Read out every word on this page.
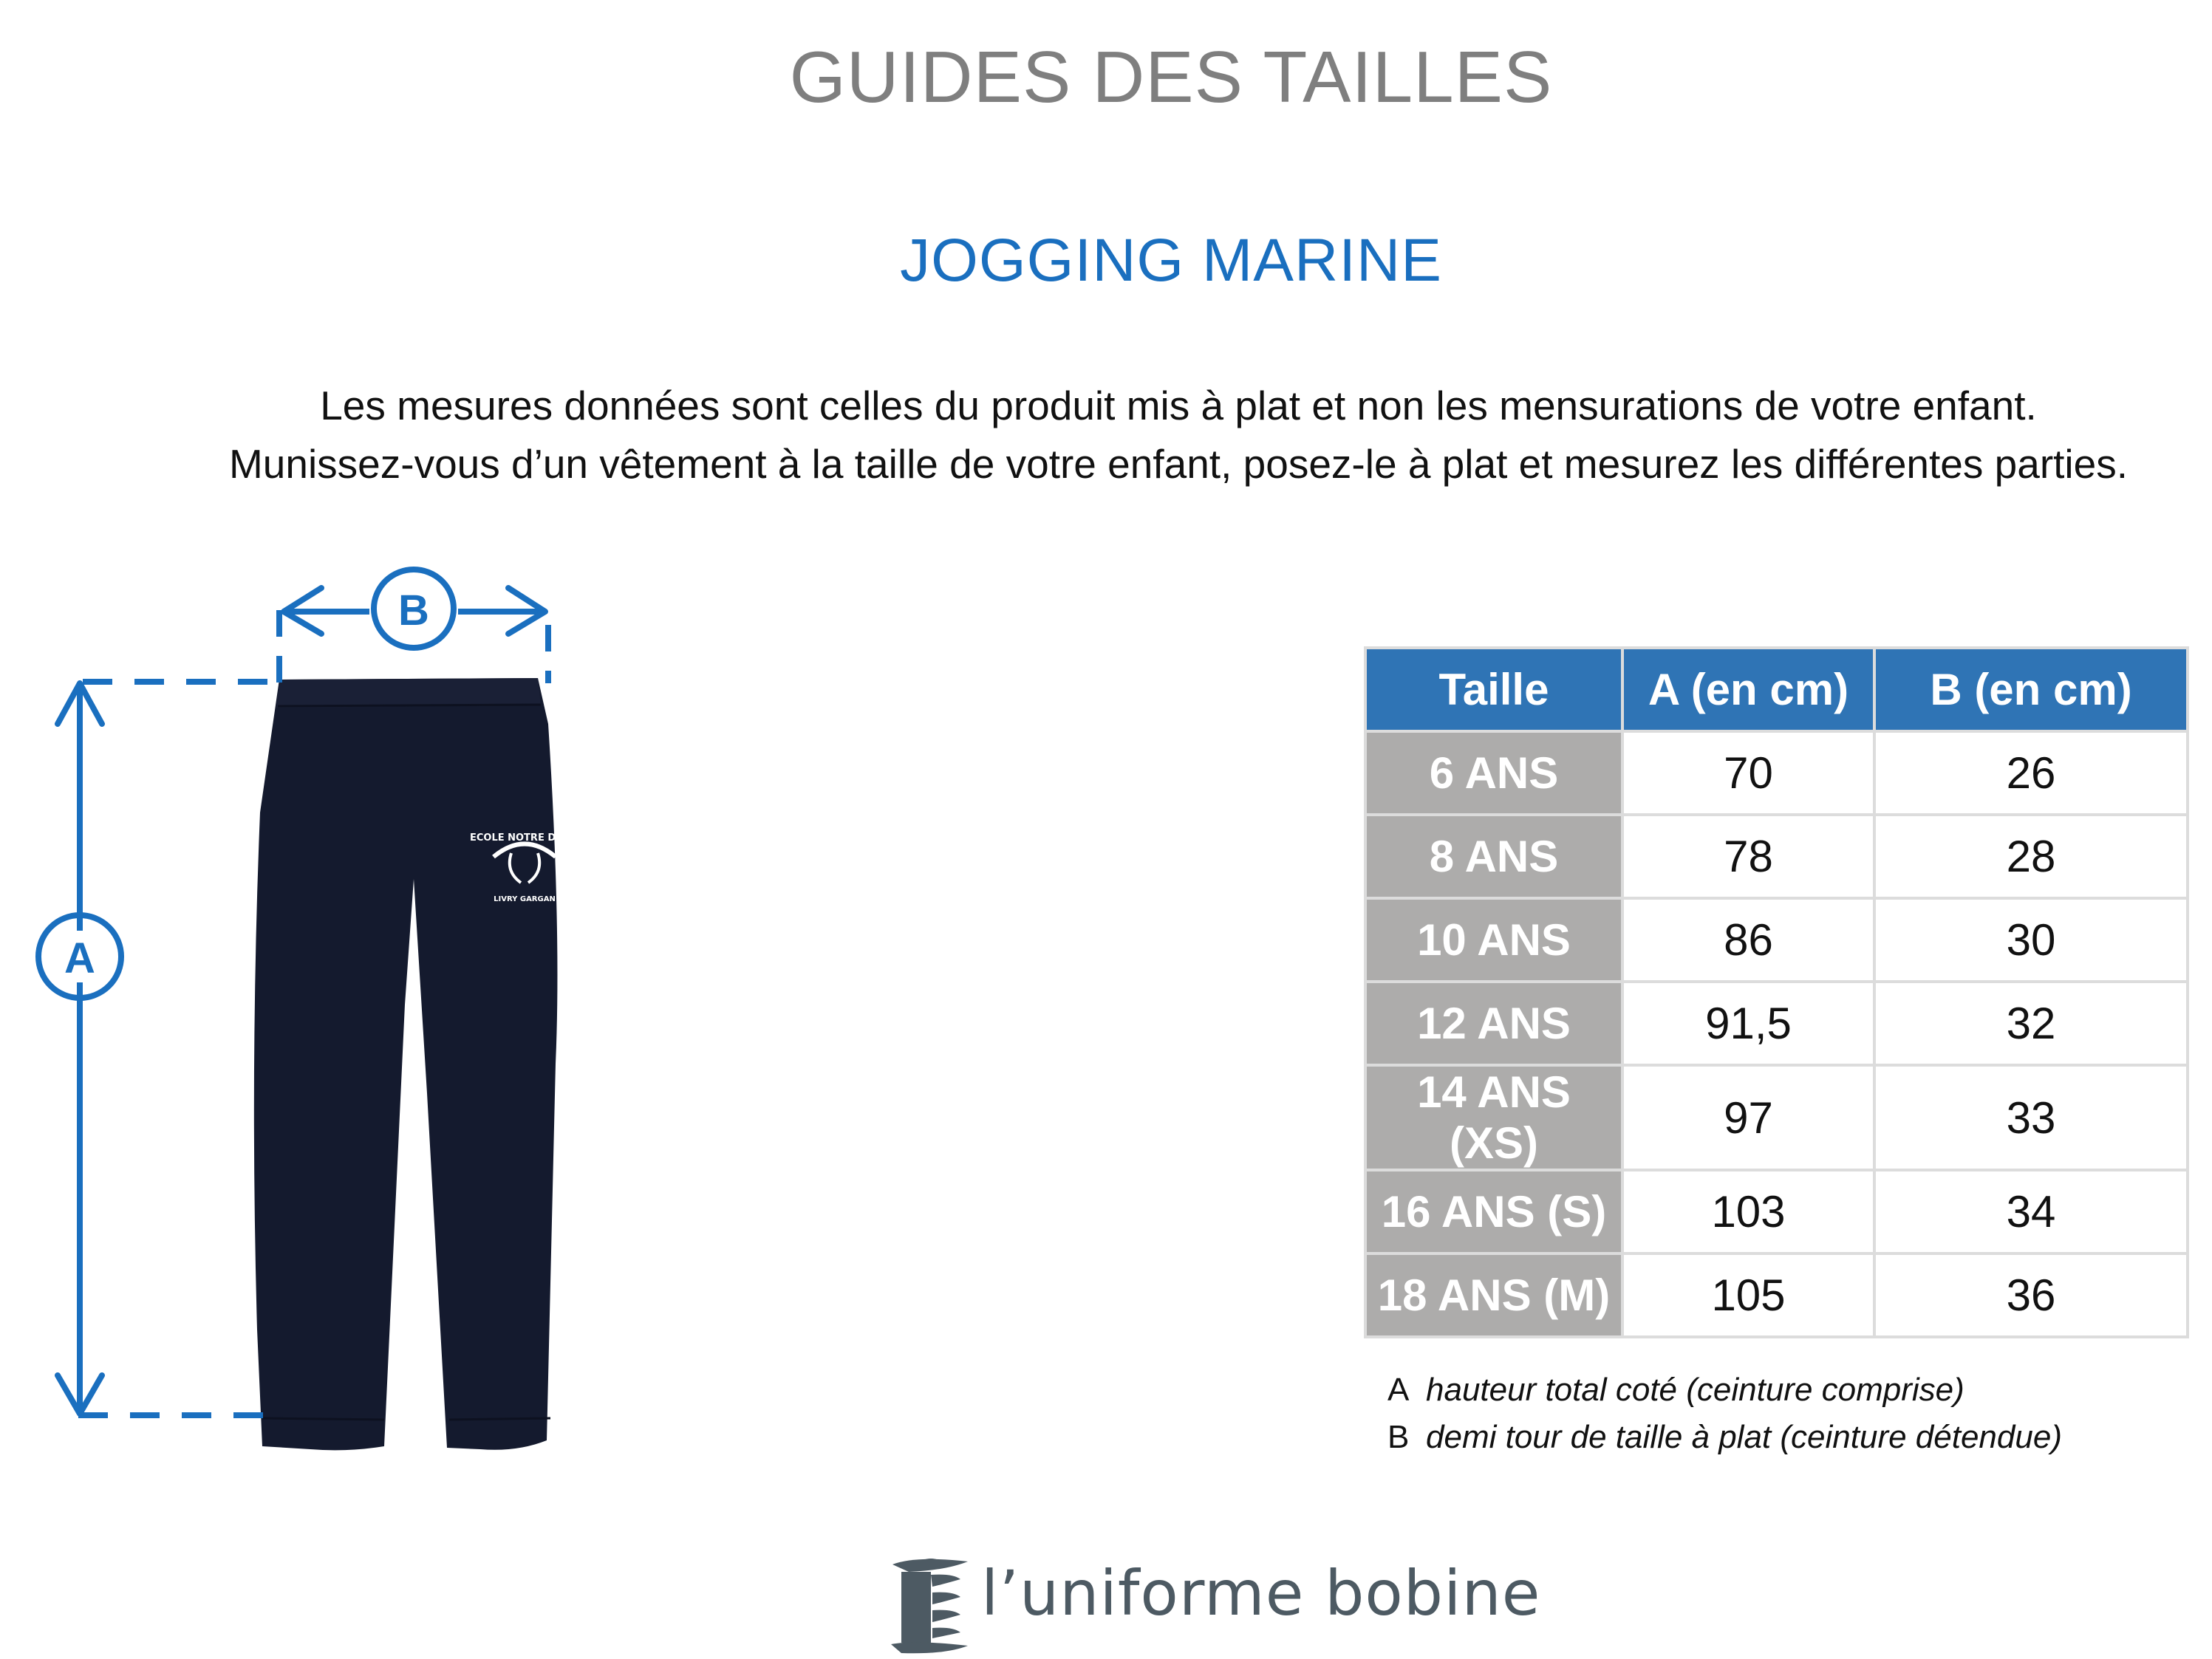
GUIDES DES TAILLES
JOGGING MARINE
Les mesures données sont celles du produit mis à plat et non les mensurations de votre enfant.
Munissez-vous d’un vêtement à la taille de votre enfant, posez-le à plat et mesurez les différentes parties.
ECOLE NOTRE DAME
LIVRY GARGAN
B
A
Taille	A (en cm)	B (en cm)
6 ANS	70	26
8 ANS	78	28
10 ANS	86	30
12 ANS	91,5	32
14 ANS (XS)	97	33
16 ANS (S)	103	34
18 ANS (M)	105	36
A hauteur total coté (ceinture comprise)
B demi tour de taille à plat (ceinture détendue)
l’uniforme bobine
